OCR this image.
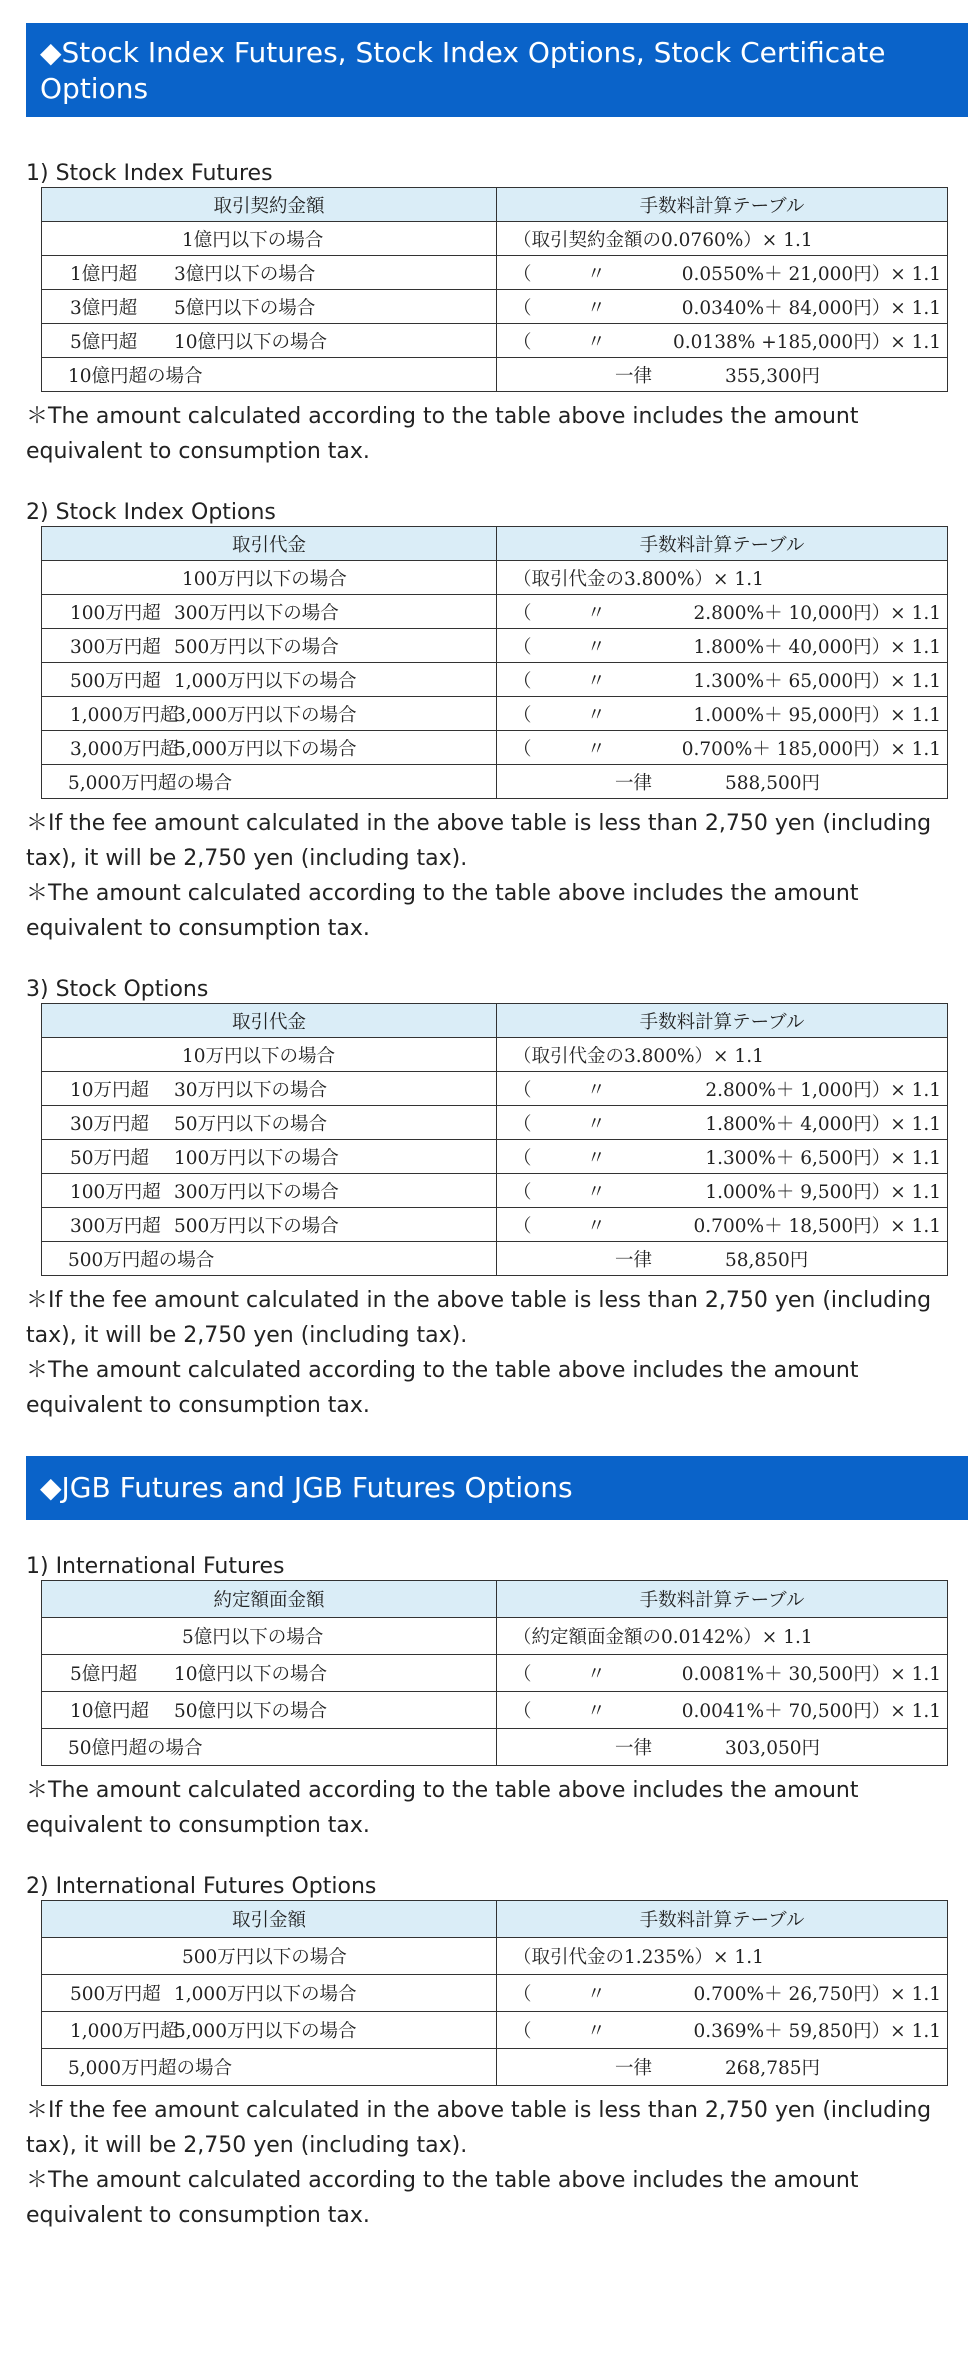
◆Stock Index Futures, Stock Index Options, Stock Certificate
Options
1) Stock Index Futures
取引契約金額	手数料計算テーブル

1億円以下の場合	（取引契約金額の0.0760%）× 1.1

1億円超 3億円以下の場合	（ 〃 0.0550%＋ 21,000円）× 1.1

3億円超 5億円以下の場合	（ 〃 0.0340%＋ 84,000円）× 1.1

5億円超 10億円以下の場合	（ 〃 0.0138% +185,000円）× 1.1

10億円超の場合	一律 355,300円
＊The amount calculated according to the table above includes the amount
equivalent to consumption tax.
2) Stock Index Options
取引代金	手数料計算テーブル

100万円以下の場合	（取引代金の3.800%）× 1.1

100万円超 300万円以下の場合	（ 〃 2.800%＋ 10,000円）× 1.1

300万円超 500万円以下の場合	（ 〃 1.800%＋ 40,000円）× 1.1

500万円超 1,000万円以下の場合	（ 〃 1.300%＋ 65,000円）× 1.1

1,000万円超
3,000万円以下の場合	（ 〃 1.000%＋ 95,000円）× 1.1

3,000万円超
5,000万円以下の場合	（ 〃 0.700%＋ 185,000円）× 1.1

5,000万円超の場合	一律 588,500円
＊If the fee amount calculated in the above table is less than 2,750 yen (including
tax), it will be 2,750 yen (including tax).
＊The amount calculated according to the table above includes the amount
equivalent to consumption tax.
3) Stock Options
取引代金	手数料計算テーブル

10万円以下の場合	（取引代金の3.800%）× 1.1

10万円超 30万円以下の場合	（ 〃 2.800%＋ 1,000円）× 1.1

30万円超 50万円以下の場合	（ 〃 1.800%＋ 4,000円）× 1.1

50万円超 100万円以下の場合	（ 〃 1.300%＋ 6,500円）× 1.1

100万円超 300万円以下の場合	（ 〃 1.000%＋ 9,500円）× 1.1

300万円超 500万円以下の場合	（ 〃 0.700%＋ 18,500円）× 1.1

500万円超の場合	一律 58,850円
＊If the fee amount calculated in the above table is less than 2,750 yen (including
tax), it will be 2,750 yen (including tax).
＊The amount calculated according to the table above includes the amount
equivalent to consumption tax.
◆JGB Futures and JGB Futures Options
1) International Futures
約定額面金額	手数料計算テーブル

5億円以下の場合	（約定額面金額の0.0142%）× 1.1

5億円超 10億円以下の場合	（ 〃 0.0081%＋ 30,500円）× 1.1

10億円超 50億円以下の場合	（ 〃 0.0041%＋ 70,500円）× 1.1

50億円超の場合	一律 303,050円
＊The amount calculated according to the table above includes the amount
equivalent to consumption tax.
2) International Futures Options
取引金額	手数料計算テーブル

500万円以下の場合	（取引代金の1.235%）× 1.1

500万円超 1,000万円以下の場合	（ 〃 0.700%＋ 26,750円）× 1.1

1,000万円超
5,000万円以下の場合	（ 〃 0.369%＋ 59,850円）× 1.1

5,000万円超の場合	一律 268,785円
＊If the fee amount calculated in the above table is less than 2,750 yen (including
tax), it will be 2,750 yen (including tax).
＊The amount calculated according to the table above includes the amount
equivalent to consumption tax.
